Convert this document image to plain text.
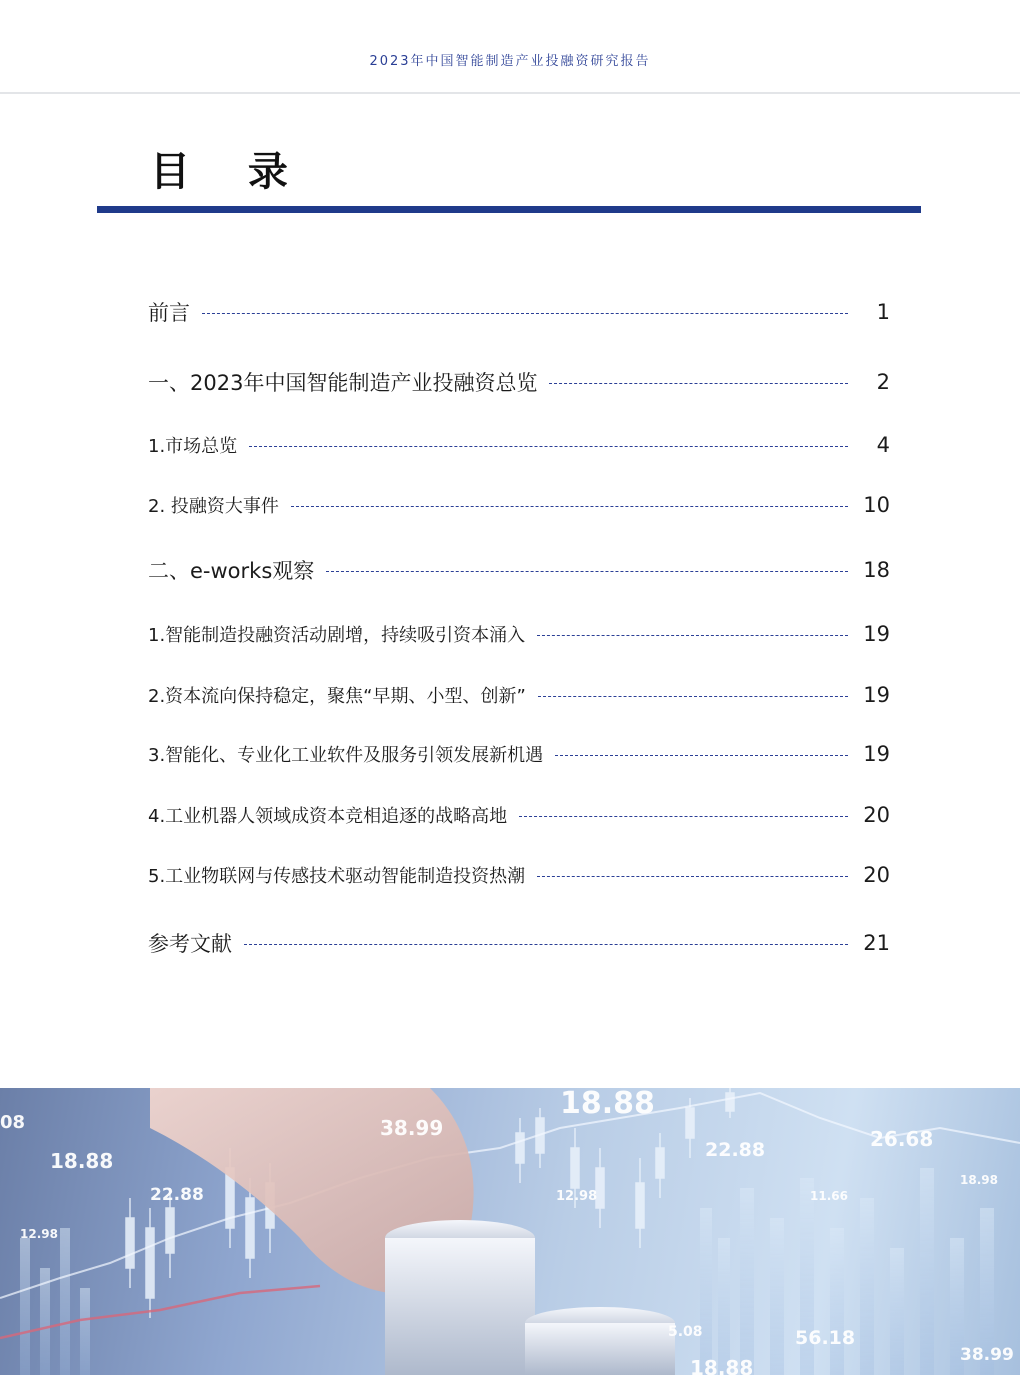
2023年中国智能制造产业投融资研究报告
目 录
前言	1
一、2023年中国智能制造产业投融资总览	2
1.市场总览	4
2. 投融资大事件	10
二、e-works观察	18
1.智能制造投融资活动剧增，持续吸引资本涌入	19
2.资本流向保持稳定，聚焦“早期、小型、创新”	19
3.智能化、专业化工业软件及服务引领发展新机遇	19
4.工业机器人领域成资本竞相追逐的战略高地	20
5.工业物联网与传感技术驱动智能制造投资热潮	20
参考文献	21
08
18.88
38.99
18.88
26.68
22.88
22.88
12.98	11.66
18.98
12.98
5.08	56.18
38.99
18.88
